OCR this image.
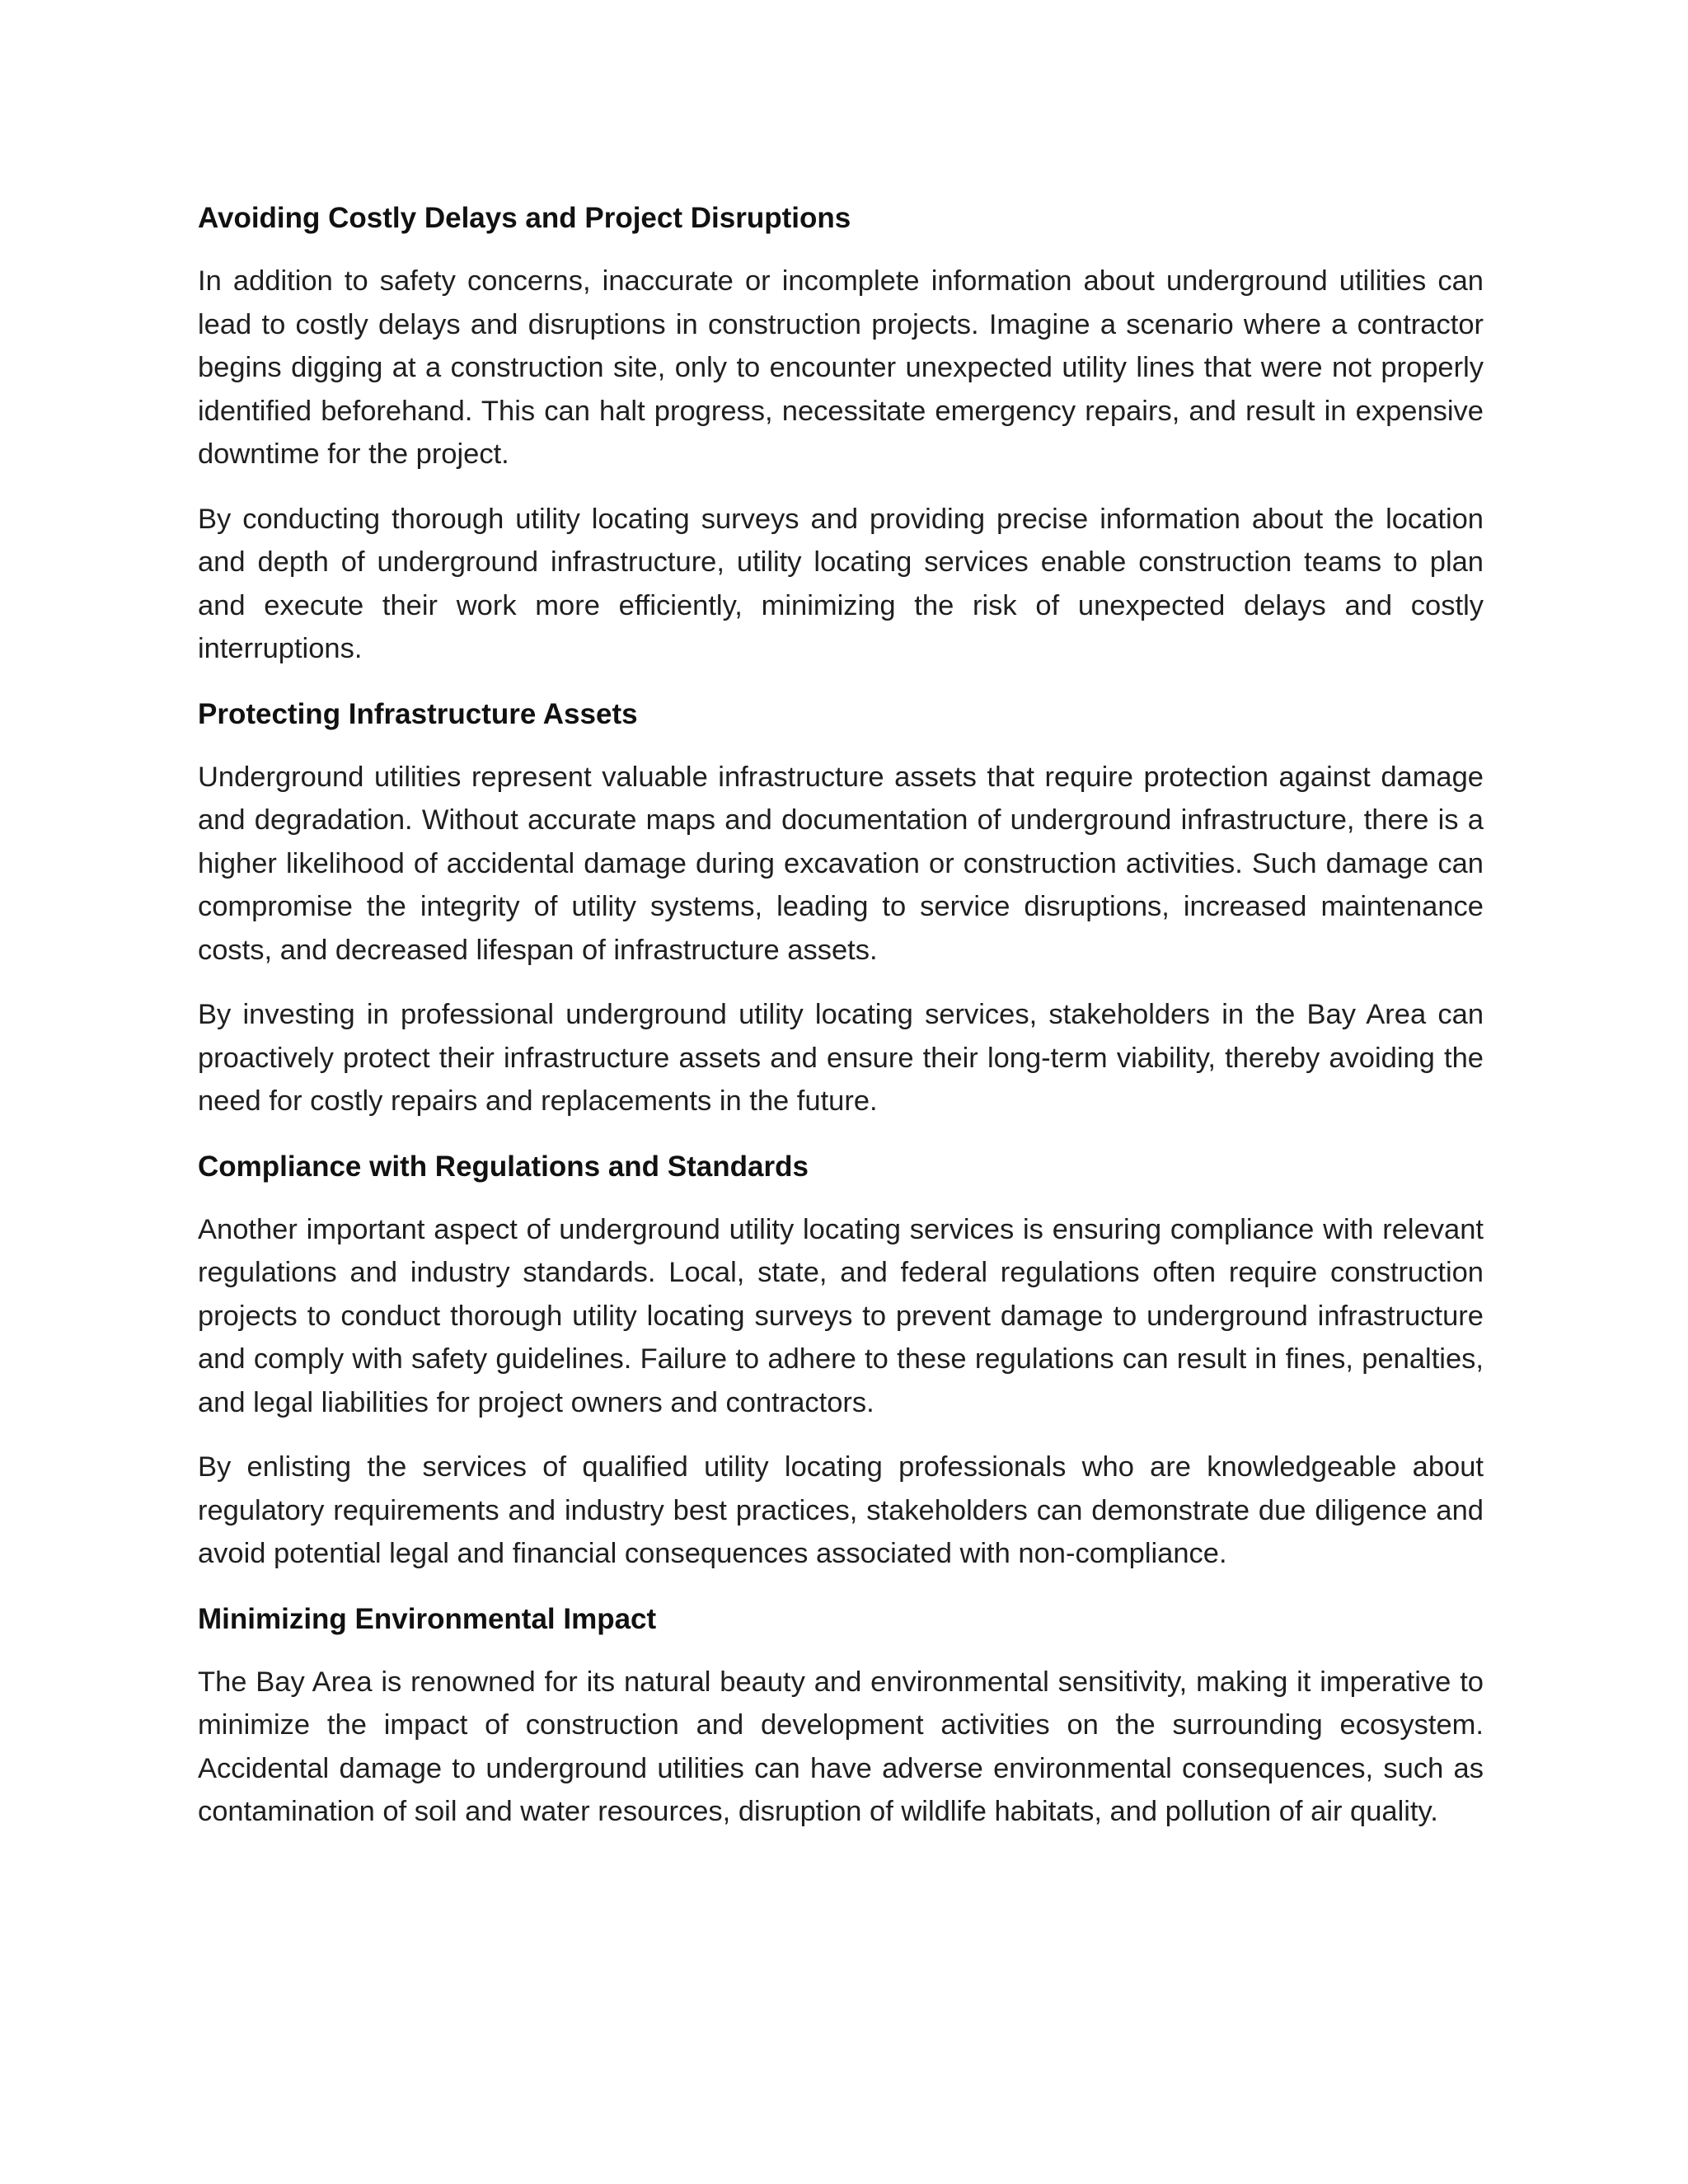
Avoiding Costly Delays and Project Disruptions

In addition to safety concerns, inaccurate or incomplete information about underground utilities can lead to costly delays and disruptions in construction projects. Imagine a scenario where a contractor begins digging at a construction site, only to encounter unexpected utility lines that were not properly identified beforehand. This can halt progress, necessitate emergency repairs, and result in expensive downtime for the project.

By conducting thorough utility locating surveys and providing precise information about the location and depth of underground infrastructure, utility locating services enable construction teams to plan and execute their work more efficiently, minimizing the risk of unexpected delays and costly interruptions.

Protecting Infrastructure Assets

Underground utilities represent valuable infrastructure assets that require protection against damage and degradation. Without accurate maps and documentation of underground infrastructure, there is a higher likelihood of accidental damage during excavation or construction activities. Such damage can compromise the integrity of utility systems, leading to service disruptions, increased maintenance costs, and decreased lifespan of infrastructure assets.

By investing in professional underground utility locating services, stakeholders in the Bay Area can proactively protect their infrastructure assets and ensure their long-term viability, thereby avoiding the need for costly repairs and replacements in the future.

Compliance with Regulations and Standards

Another important aspect of underground utility locating services is ensuring compliance with relevant regulations and industry standards. Local, state, and federal regulations often require construction projects to conduct thorough utility locating surveys to prevent damage to underground infrastructure and comply with safety guidelines. Failure to adhere to these regulations can result in fines, penalties, and legal liabilities for project owners and contractors.

By enlisting the services of qualified utility locating professionals who are knowledgeable about regulatory requirements and industry best practices, stakeholders can demonstrate due diligence and avoid potential legal and financial consequences associated with non-compliance.

Minimizing Environmental Impact

The Bay Area is renowned for its natural beauty and environmental sensitivity, making it imperative to minimize the impact of construction and development activities on the surrounding ecosystem. Accidental damage to underground utilities can have adverse environmental consequences, such as contamination of soil and water resources, disruption of wildlife habitats, and pollution of air quality.
